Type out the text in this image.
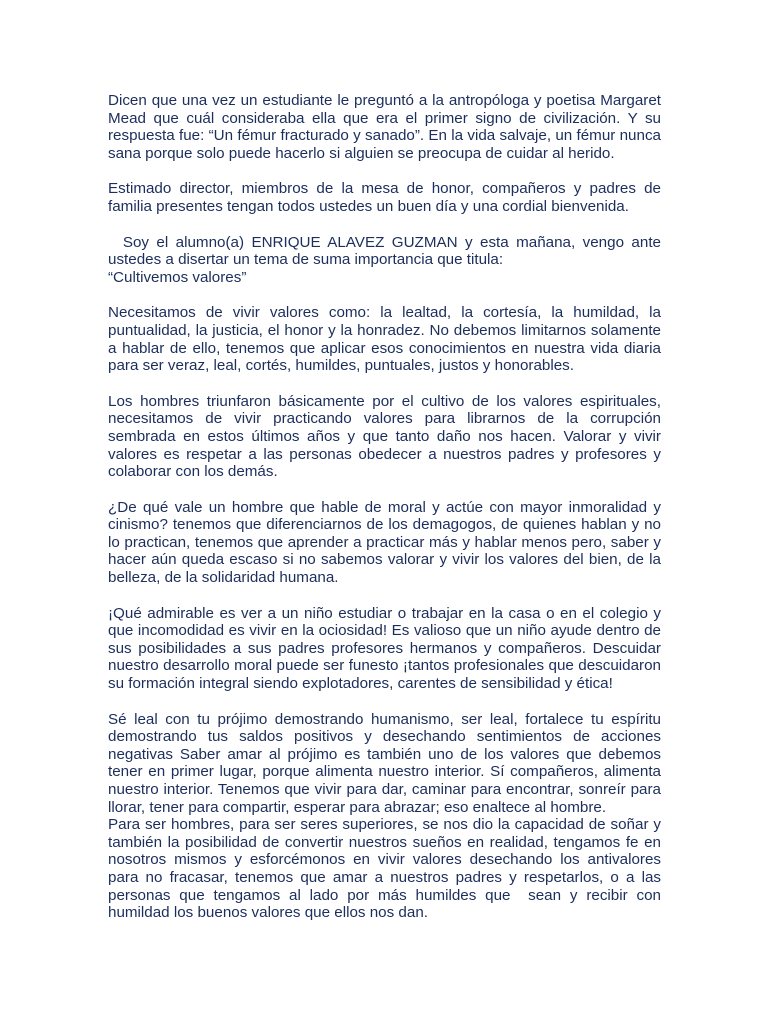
Dicen que una vez un estudiante le preguntó a la antropóloga y poetisa Margaret Mead que cuál consideraba ella que era el primer signo de civilización. Y su respuesta fue: “Un fémur fracturado y sanado”. En la vida salvaje, un fémur nunca sana porque solo puede hacerlo si alguien se preocupa de cuidar al herido.

Estimado director, miembros de la mesa de honor, compañeros y padres de familia presentes tengan todos ustedes un buen día y una cordial bienvenida.

Soy el alumno(a) ENRIQUE ALAVEZ GUZMAN y esta mañana, vengo ante ustedes a disertar un tema de suma importancia que titula:
“Cultivemos valores”

Necesitamos de vivir valores como: la lealtad, la cortesía, la humildad, la puntualidad, la justicia, el honor y la honradez. No debemos limitarnos solamente a hablar de ello, tenemos que aplicar esos conocimientos en nuestra vida diaria para ser veraz, leal, cortés, humildes, puntuales, justos y honorables.

Los hombres triunfaron básicamente por el cultivo de los valores espirituales, necesitamos de vivir practicando valores para librarnos de la corrupción sembrada en estos últimos años y que tanto daño nos hacen. Valorar y vivir valores es respetar a las personas obedecer a nuestros padres y profesores y colaborar con los demás.

¿De qué vale un hombre que hable de moral y actúe con mayor inmoralidad y cinismo? tenemos que diferenciarnos de los demagogos, de quienes hablan y no lo practican, tenemos que aprender a practicar más y hablar menos pero, saber y hacer aún queda escaso si no sabemos valorar y vivir los valores del bien, de la belleza, de la solidaridad humana.

¡Qué admirable es ver a un niño estudiar o trabajar en la casa o en el colegio y que incomodidad es vivir en la ociosidad! Es valioso que un niño ayude dentro de sus posibilidades a sus padres profesores hermanos y compañeros. Descuidar nuestro desarrollo moral puede ser funesto ¡tantos profesionales que descuidaron su formación integral siendo explotadores, carentes de sensibilidad y ética!

Sé leal con tu prójimo demostrando humanismo, ser leal, fortalece tu espíritu demostrando tus saldos positivos y desechando sentimientos de acciones negativas Saber amar al prójimo es también uno de los valores que debemos tener en primer lugar, porque alimenta nuestro interior. Sí compañeros, alimenta nuestro interior. Tenemos que vivir para dar, caminar para encontrar, sonreír para llorar, tener para compartir, esperar para abrazar; eso enaltece al hombre.

Para ser hombres, para ser seres superiores, se nos dio la capacidad de soñar y también la posibilidad de convertir nuestros sueños en realidad, tengamos fe en nosotros mismos y esforcémonos en vivir valores desechando los antivalores para no fracasar, tenemos que amar a nuestros padres y respetarlos, o a las personas que tengamos al lado por más humildes que  sean y recibir con humildad los buenos valores que ellos nos dan.
